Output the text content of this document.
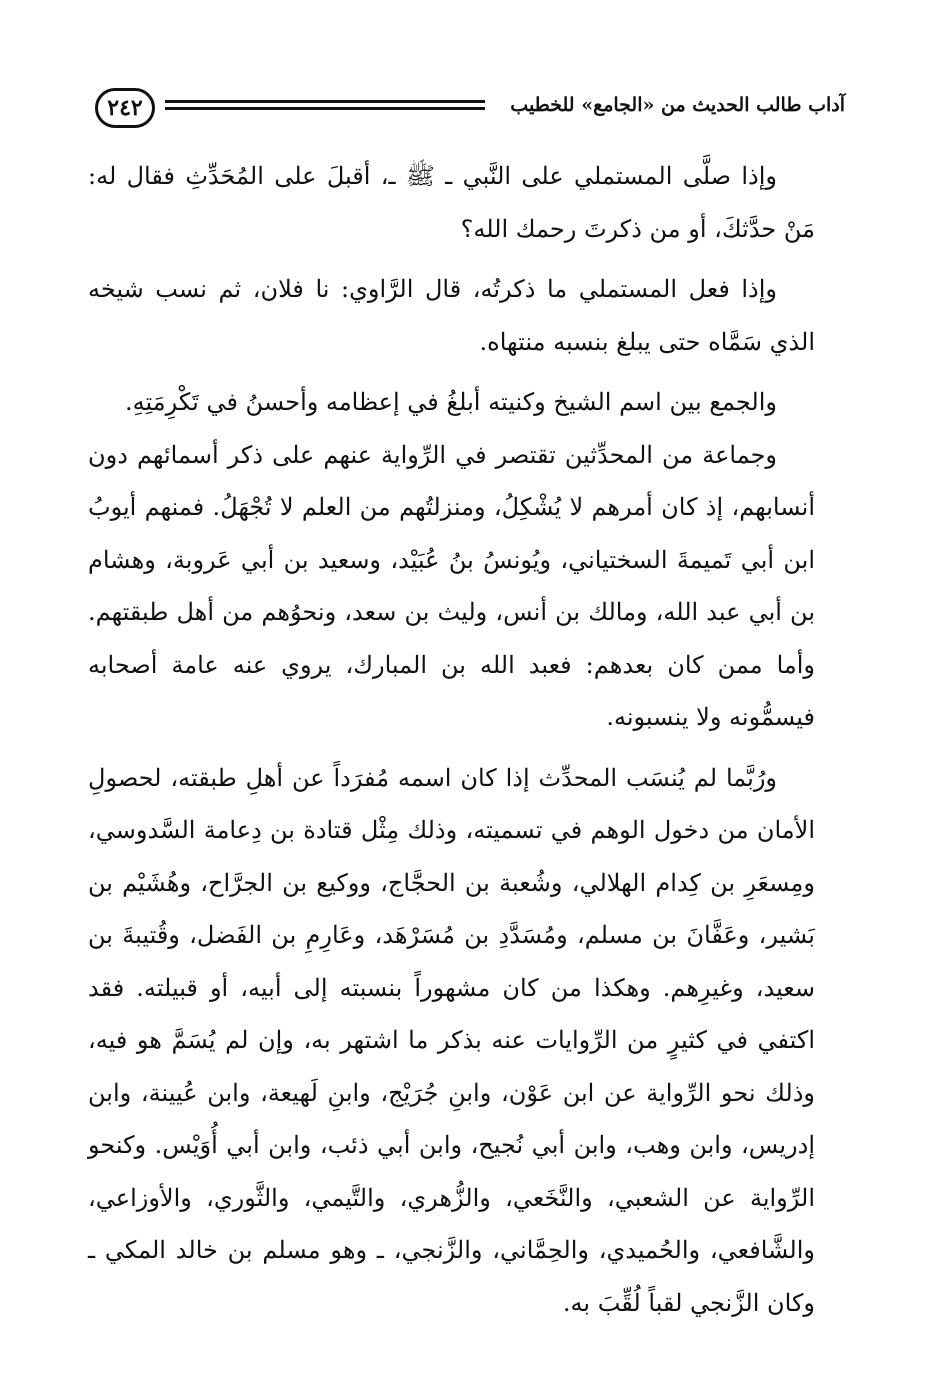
٢٤٢	آداب طالب الحديث من «الجامع» للخطيب

وإذا صلَّى المستملي على النَّبي ـ ﷺ ـ، أقبلَ على المُحَدِّثِ فقال له: مَنْ حدَّثكَ، أو من ذكرتَ رحمك الله؟

وإذا فعل المستملي ما ذكرتُه، قال الرَّاوي: نا فلان، ثم نسب شيخه الذي سَمَّاه حتى يبلغ بنسبه منتهاه.

والجمع بين اسم الشيخ وكنيته أبلغُ في إعظامه وأحسنُ في تَكْرِمَتِهِ.

وجماعة من المحدِّثين تقتصر في الرِّواية عنهم على ذكر أسمائهم دون أنسابهم، إذ كان أمرهم لا يُشْكِلُ، ومنزلتُهم من العلم لا تُجْهَلُ. فمنهم أيوبُ ابن أبي تَميمةَ السختياني، ويُونسُ بنُ عُبَيْد، وسعيد بن أبي عَروبة، وهشام بن أبي عبد الله، ومالك بن أنس، وليث بن سعد، ونحوُهم من أهل طبقتهم. وأما ممن كان بعدهم: فعبد الله بن المبارك، يروي عنه عامة أصحابه فيسمُّونه ولا ينسبونه.

ورُبَّما لم يُنسَب المحدِّث إذا كان اسمه مُفرَداً عن أهلِ طبقته، لحصولِ الأمان من دخول الوهم في تسميته، وذلك مِثْل قتادة بن دِعامة السَّدوسي، ومِسعَرِ بن كِدام الهلالي، وشُعبة بن الحجَّاج، ووكيع بن الجرَّاح، وهُشَيْم بن بَشير، وعَفَّانَ بن مسلم، ومُسَدَّدِ بن مُسَرْهَد، وعَارِمِ بن الفَضل، وقُتيبةَ بن سعيد، وغيرِهم. وهكذا من كان مشهوراً بنسبته إلى أبيه، أو قبيلته. فقد اكتفي في كثيرٍ من الرِّوايات عنه بذكر ما اشتهر به، وإن لم يُسَمَّ هو فيه، وذلك نحو الرِّواية عن ابن عَوْن، وابنِ جُرَيْج، وابنِ لَهيعة، وابن عُيينة، وابن إدريس، وابن وهب، وابن أبي نُجيح، وابن أبي ذئب، وابن أبي أُوَيْس. وكنحو الرِّواية عن الشعبي، والنَّخَعي، والزُّهري، والتَّيمي، والثَّوري، والأوزاعي، والشَّافعي، والحُميدي، والحِمَّاني، والزَّنجي، ـ وهو مسلم بن خالد المكي ـ وكان الزَّنجي لقباً لُقِّبَ به.
